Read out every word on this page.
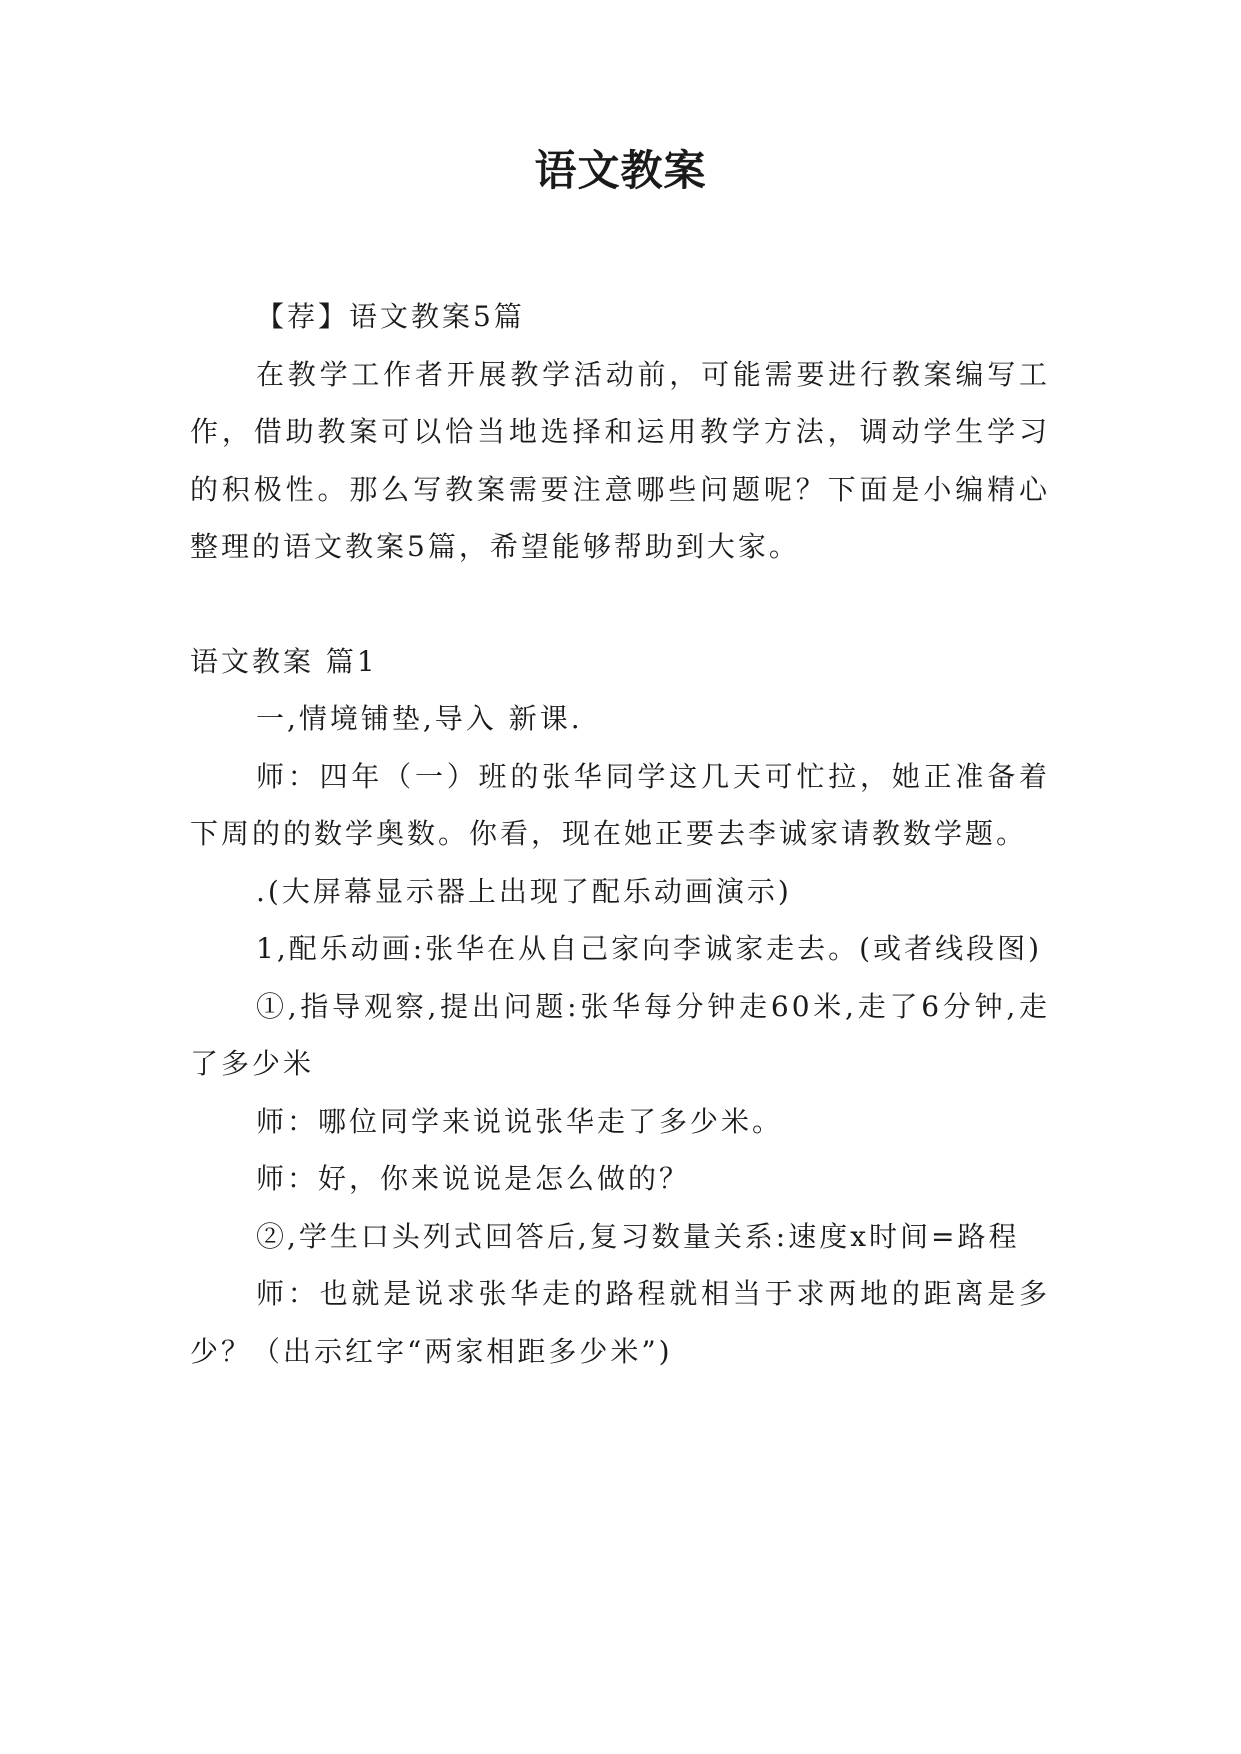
语文教案

【荐】语文教案5篇

在教学工作者开展教学活动前，可能需要进行教案编写工作，借助教案可以恰当地选择和运用教学方法，调动学生学习的积极性。那么写教案需要注意哪些问题呢？下面是小编精心整理的语文教案5篇，希望能够帮助到大家。

语文教案 篇1

一,情境铺垫,导入 新课.

师：四年（一）班的张华同学这几天可忙拉，她正准备着下周的的数学奥数。你看，现在她正要去李诚家请教数学题。

.(大屏幕显示器上出现了配乐动画演示)

1,配乐动画:张华在从自己家向李诚家走去。(或者线段图)

①,指导观察,提出问题:张华每分钟走60米,走了6分钟,走了多少米

师：哪位同学来说说张华走了多少米。

师：好，你来说说是怎么做的？

②,学生口头列式回答后,复习数量关系:速度x时间=路程

师：也就是说求张华走的路程就相当于求两地的距离是多少？（出示红字“两家相距多少米”)
